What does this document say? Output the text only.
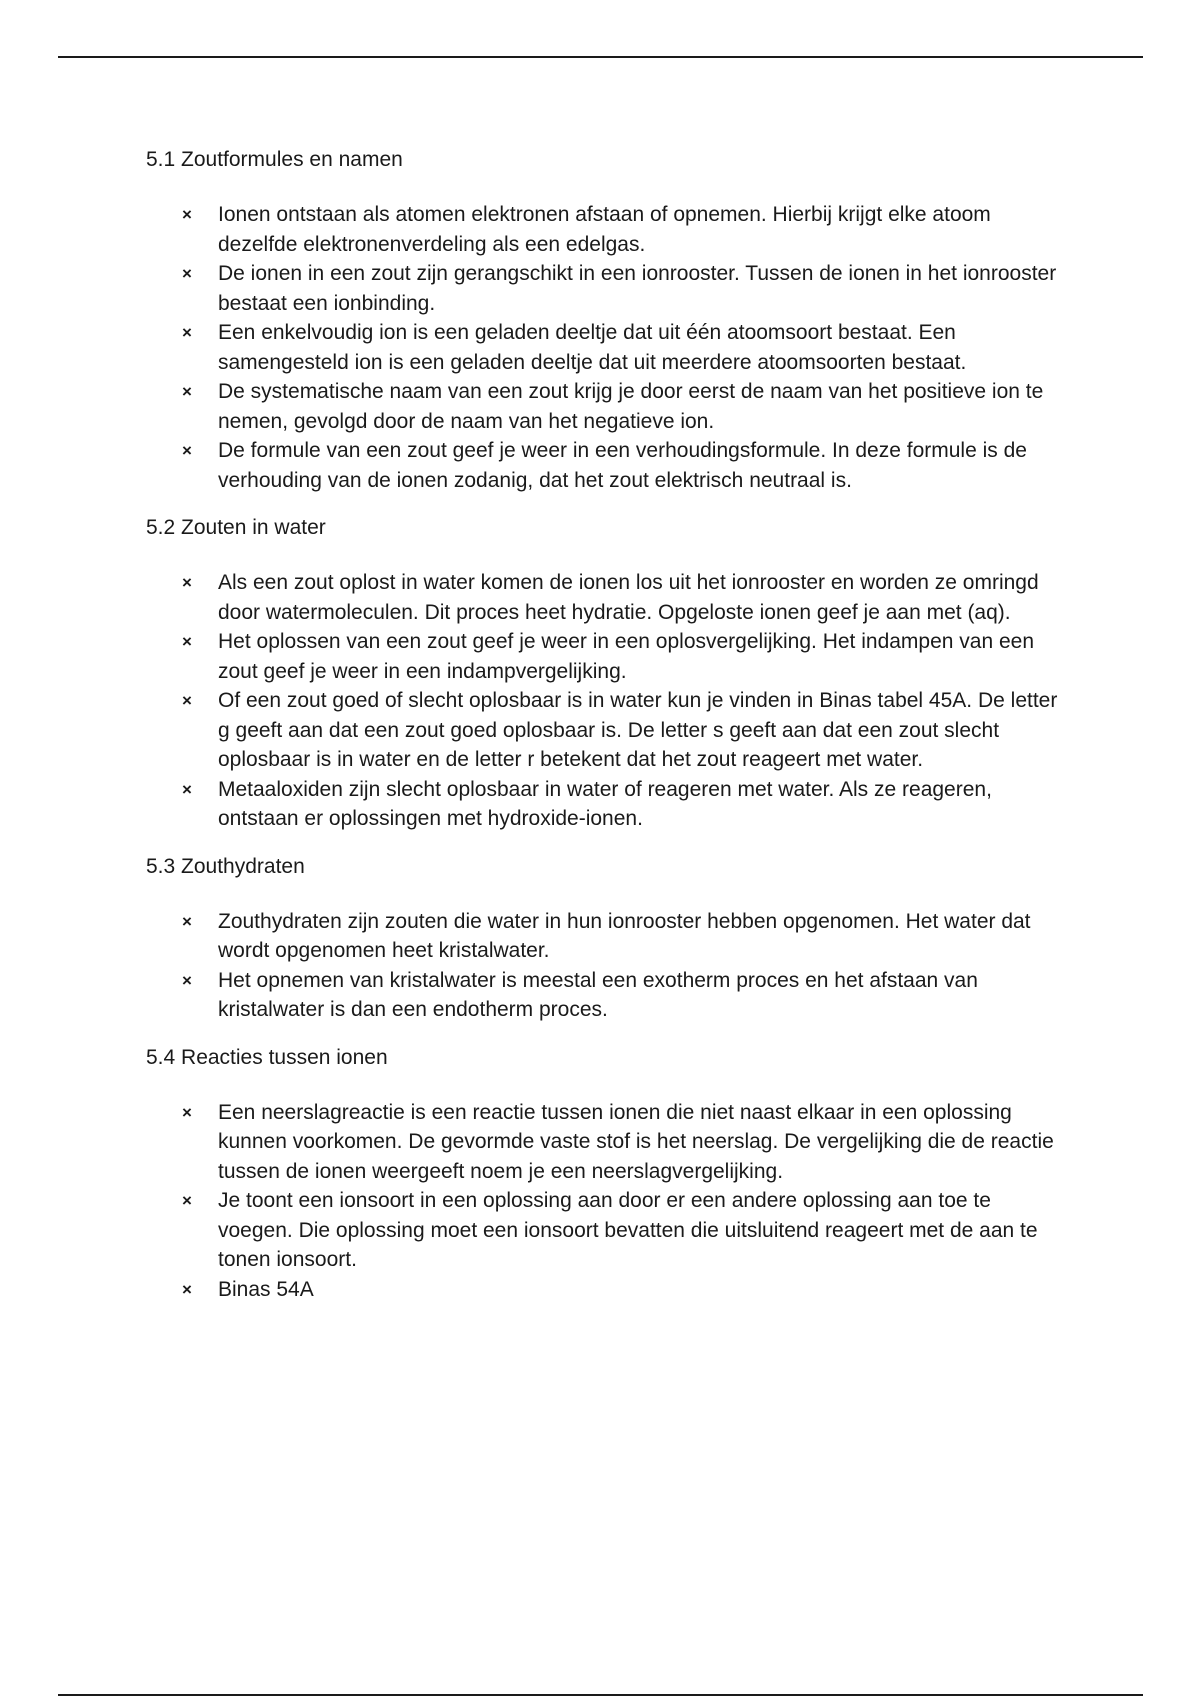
5.1 Zoutformules en namen
× Ionen ontstaan als atomen elektronen afstaan of opnemen. Hierbij krijgt elke atoom dezelfde elektronenverdeling als een edelgas.
× De ionen in een zout zijn gerangschikt in een ionrooster. Tussen de ionen in het ionrooster bestaat een ionbinding.
× Een enkelvoudig ion is een geladen deeltje dat uit één atoomsoort bestaat. Een samengesteld ion is een geladen deeltje dat uit meerdere atoomsoorten bestaat.
× De systematische naam van een zout krijg je door eerst de naam van het positieve ion te nemen, gevolgd door de naam van het negatieve ion.
× De formule van een zout geef je weer in een verhoudingsformule. In deze formule is de verhouding van de ionen zodanig, dat het zout elektrisch neutraal is.
5.2 Zouten in water
× Als een zout oplost in water komen de ionen los uit het ionrooster en worden ze omringd door watermoleculen. Dit proces heet hydratie. Opgeloste ionen geef je aan met (aq).
× Het oplossen van een zout geef je weer in een oplosvergelijking. Het indampen van een zout geef je weer in een indampvergelijking.
× Of een zout goed of slecht oplosbaar is in water kun je vinden in Binas tabel 45A. De letter g geeft aan dat een zout goed oplosbaar is. De letter s geeft aan dat een zout slecht oplosbaar is in water en de letter r betekent dat het zout reageert met water.
× Metaaloxiden zijn slecht oplosbaar in water of reageren met water. Als ze reageren, ontstaan er oplossingen met hydroxide-ionen.
5.3 Zouthydraten
× Zouthydraten zijn zouten die water in hun ionrooster hebben opgenomen. Het water dat wordt opgenomen heet kristalwater.
× Het opnemen van kristalwater is meestal een exotherm proces en het afstaan van kristalwater is dan een endotherm proces.
5.4 Reacties tussen ionen
× Een neerslagreactie is een reactie tussen ionen die niet naast elkaar in een oplossing kunnen voorkomen. De gevormde vaste stof is het neerslag. De vergelijking die de reactie tussen de ionen weergeeft noem je een neerslagvergelijking.
× Je toont een ionsoort in een oplossing aan door er een andere oplossing aan toe te voegen. Die oplossing moet een ionsoort bevatten die uitsluitend reageert met de aan te tonen ionsoort.
× Binas 54A
